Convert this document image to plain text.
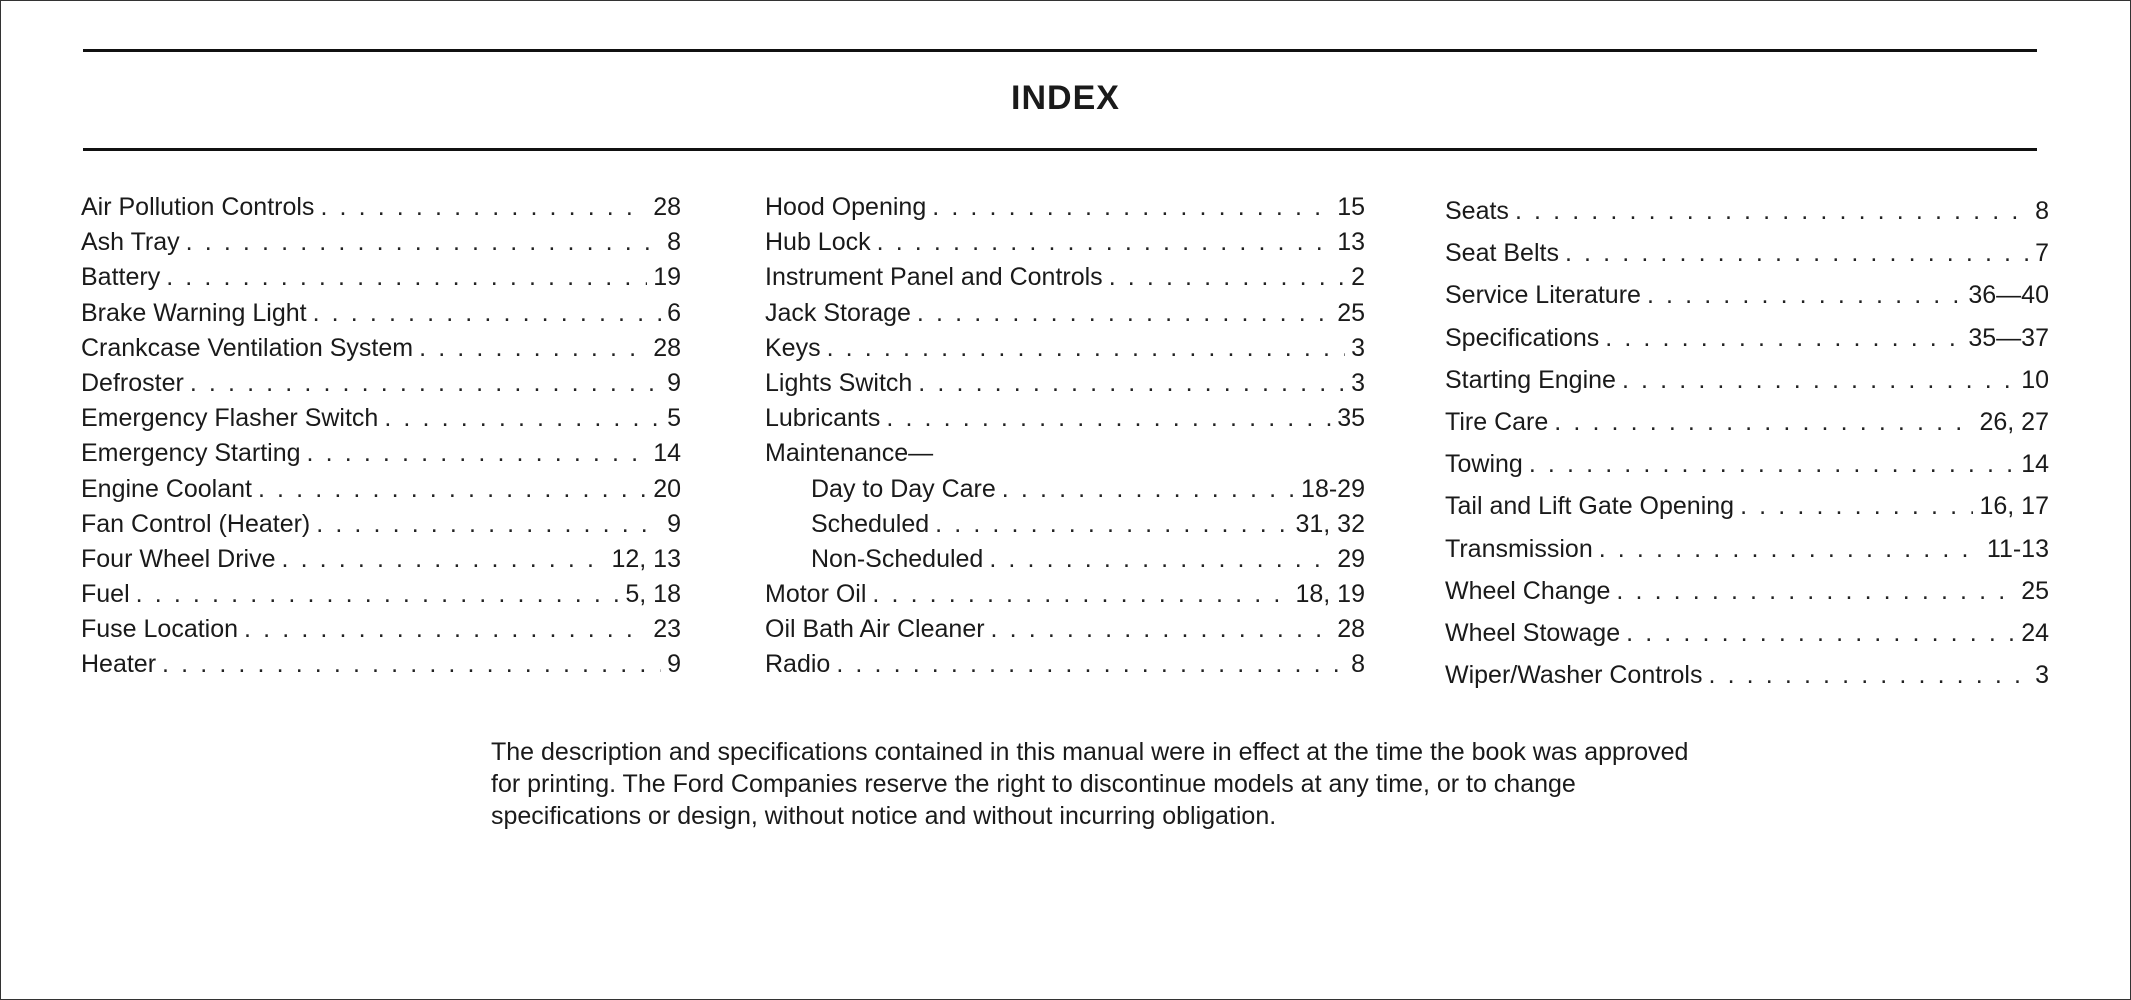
INDEX
Air Pollution Controls . . .	28
Ash Tray . . .	8
Battery . . .	19
Brake Warning Light . . .	6
Crankcase Ventilation System . . .	28
Defroster . . .	9
Emergency Flasher Switch . . .	5
Emergency Starting . . .	14
Engine Coolant . . .	20
Fan Control (Heater) . . .	9
Four Wheel Drive . . .	12, 13
Fuel . . .	5, 18
Fuse Location . . .	23
Heater . . .	9
Hood Opening . . .	15
Hub Lock . . .	13
Instrument Panel and Controls . . .	2
Jack Storage . . .	25
Keys . . .	3
Lights Switch . . .	3
Lubricants . . .	35
Maintenance—
Day to Day Care . . .	18-29
Scheduled . . .	31, 32
Non-Scheduled . . .	29
Motor Oil . . .	18, 19
Oil Bath Air Cleaner . . .	28
Radio . . .	8
Seats . . .	8
Seat Belts . . .	7
Service Literature . . .	36—40
Specifications . . .	35—37
Starting Engine . . .	10
Tire Care . . .	26, 27
Towing . . .	14
Tail and Lift Gate Opening . . .	16, 17
Transmission . . .	11-13
Wheel Change . . .	25
Wheel Stowage . . .	24
Wiper/Washer Controls . . .	3

The description and specifications contained in this manual were in effect at the time the book was approved for printing. The Ford Companies reserve the right to discontinue models at any time, or to change specifications or design, without notice and without incurring obligation.
